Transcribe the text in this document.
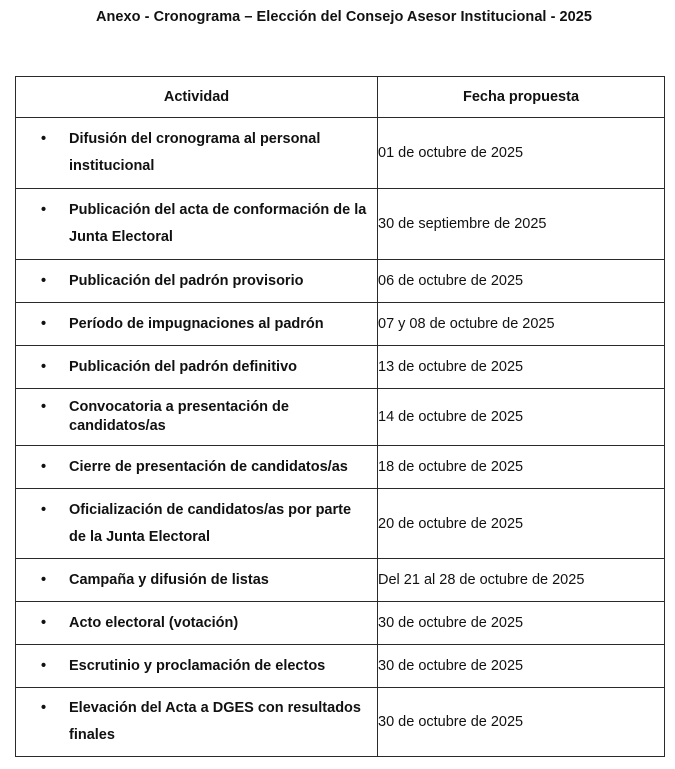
Anexo - Cronograma – Elección del Consejo Asesor Institucional - 2025
Actividad	Fecha propuesta

• Difusión del cronograma al personal institucional	01 de octubre de 2025

• Publicación del acta de conformación de la Junta Electoral	30 de septiembre de 2025

• Publicación del padrón provisorio	06 de octubre de 2025

• Período de impugnaciones al padrón	07 y 08 de octubre de 2025

• Publicación del padrón definitivo	13 de octubre de 2025

• Convocatoria a presentación de candidatos/as	14 de octubre de 2025

• Cierre de presentación de candidatos/as	18 de octubre de 2025

• Oficialización de candidatos/as por parte de la Junta Electoral	20 de octubre de 2025

• Campaña y difusión de listas	Del 21 al 28 de octubre de 2025

• Acto electoral (votación)	30 de octubre de 2025

• Escrutinio y proclamación de electos	30 de octubre de 2025

• Elevación del Acta a DGES con resultados finales	30 de octubre de 2025
